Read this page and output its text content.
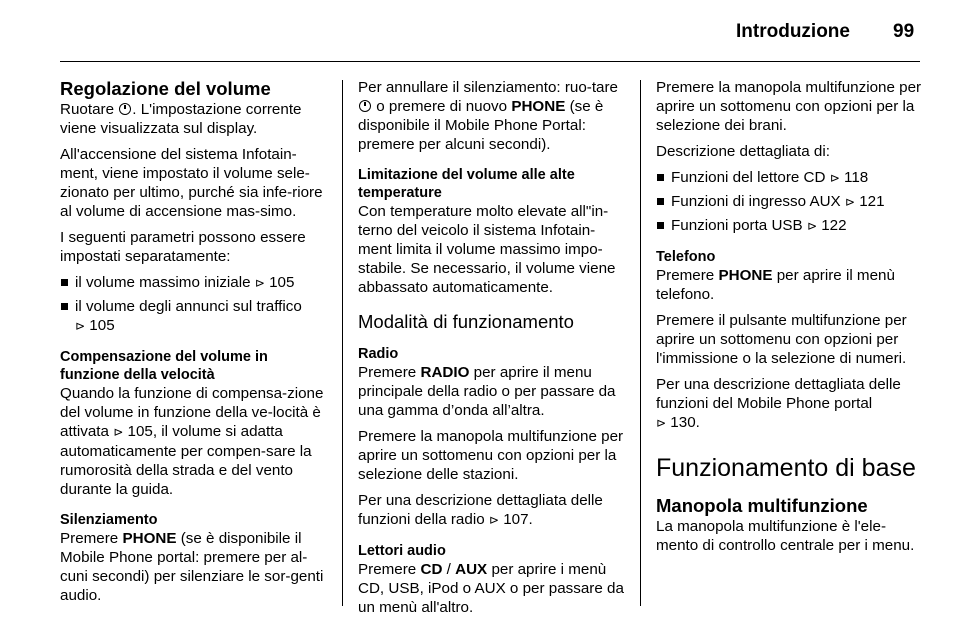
Introduzione 99
Regolazione del volume

Ruotare . L'impostazione corrente viene visualizzata sul display.

All'accensione del sistema Infotain-ment, viene impostato il volume sele-zionato per ultimo, purché sia infe-riore al volume di accensione mas-simo.

I seguenti parametri possono essere impostati separatamente:

il volume massimo iniziale ⊳ 105
il volume degli annunci sul traffico
⊳ 105
Compensazione del volume in funzione della velocità

Quando la funzione di compensa-zione del volume in funzione della ve-locità è attivata ⊳ 105, il volume si adatta automaticamente per compen-sare la rumorosità della strada e del vento durante la guida.

Silenziamento

Premere PHONE (se è disponibile il Mobile Phone portal: premere per al-cuni secondi) per silenziare le sor-genti audio.

Per annullare il silenziamento: ruo-tare  o premere di nuovo PHONE (se è disponibile il Mobile Phone Portal: premere per alcuni secondi).

Limitazione del volume alle alte temperature

Con temperature molto elevate all"in-terno del veicolo il sistema Infotain-ment limita il volume massimo impo-stabile. Se necessario, il volume viene abbassato automaticamente.

Modalità di funzionamento
Radio

Premere RADIO per aprire il menu principale della radio o per passare da una gamma d’onda all’altra.

Premere la manopola multifunzione per aprire un sottomenu con opzioni per la selezione delle stazioni.

Per una descrizione dettagliata delle funzioni della radio ⊳ 107.

Lettori audio

Premere CD / AUX per aprire i menù CD, USB, iPod o AUX o per passare da un menù all'altro.

Premere la manopola multifunzione per aprire un sottomenu con opzioni per la selezione dei brani.

Descrizione dettagliata di:

Funzioni del lettore CD ⊳ 118
Funzioni di ingresso AUX ⊳ 121
Funzioni porta USB ⊳ 122
Telefono

Premere PHONE per aprire il menù telefono.

Premere il pulsante multifunzione per aprire un sottomenu con opzioni per l'immissione o la selezione di numeri.

Per una descrizione dettagliata delle funzioni del Mobile Phone portal
⊳ 130.

Funzionamento di base
Manopola multifunzione

La manopola multifunzione è l'ele-mento di controllo centrale per i menu.
